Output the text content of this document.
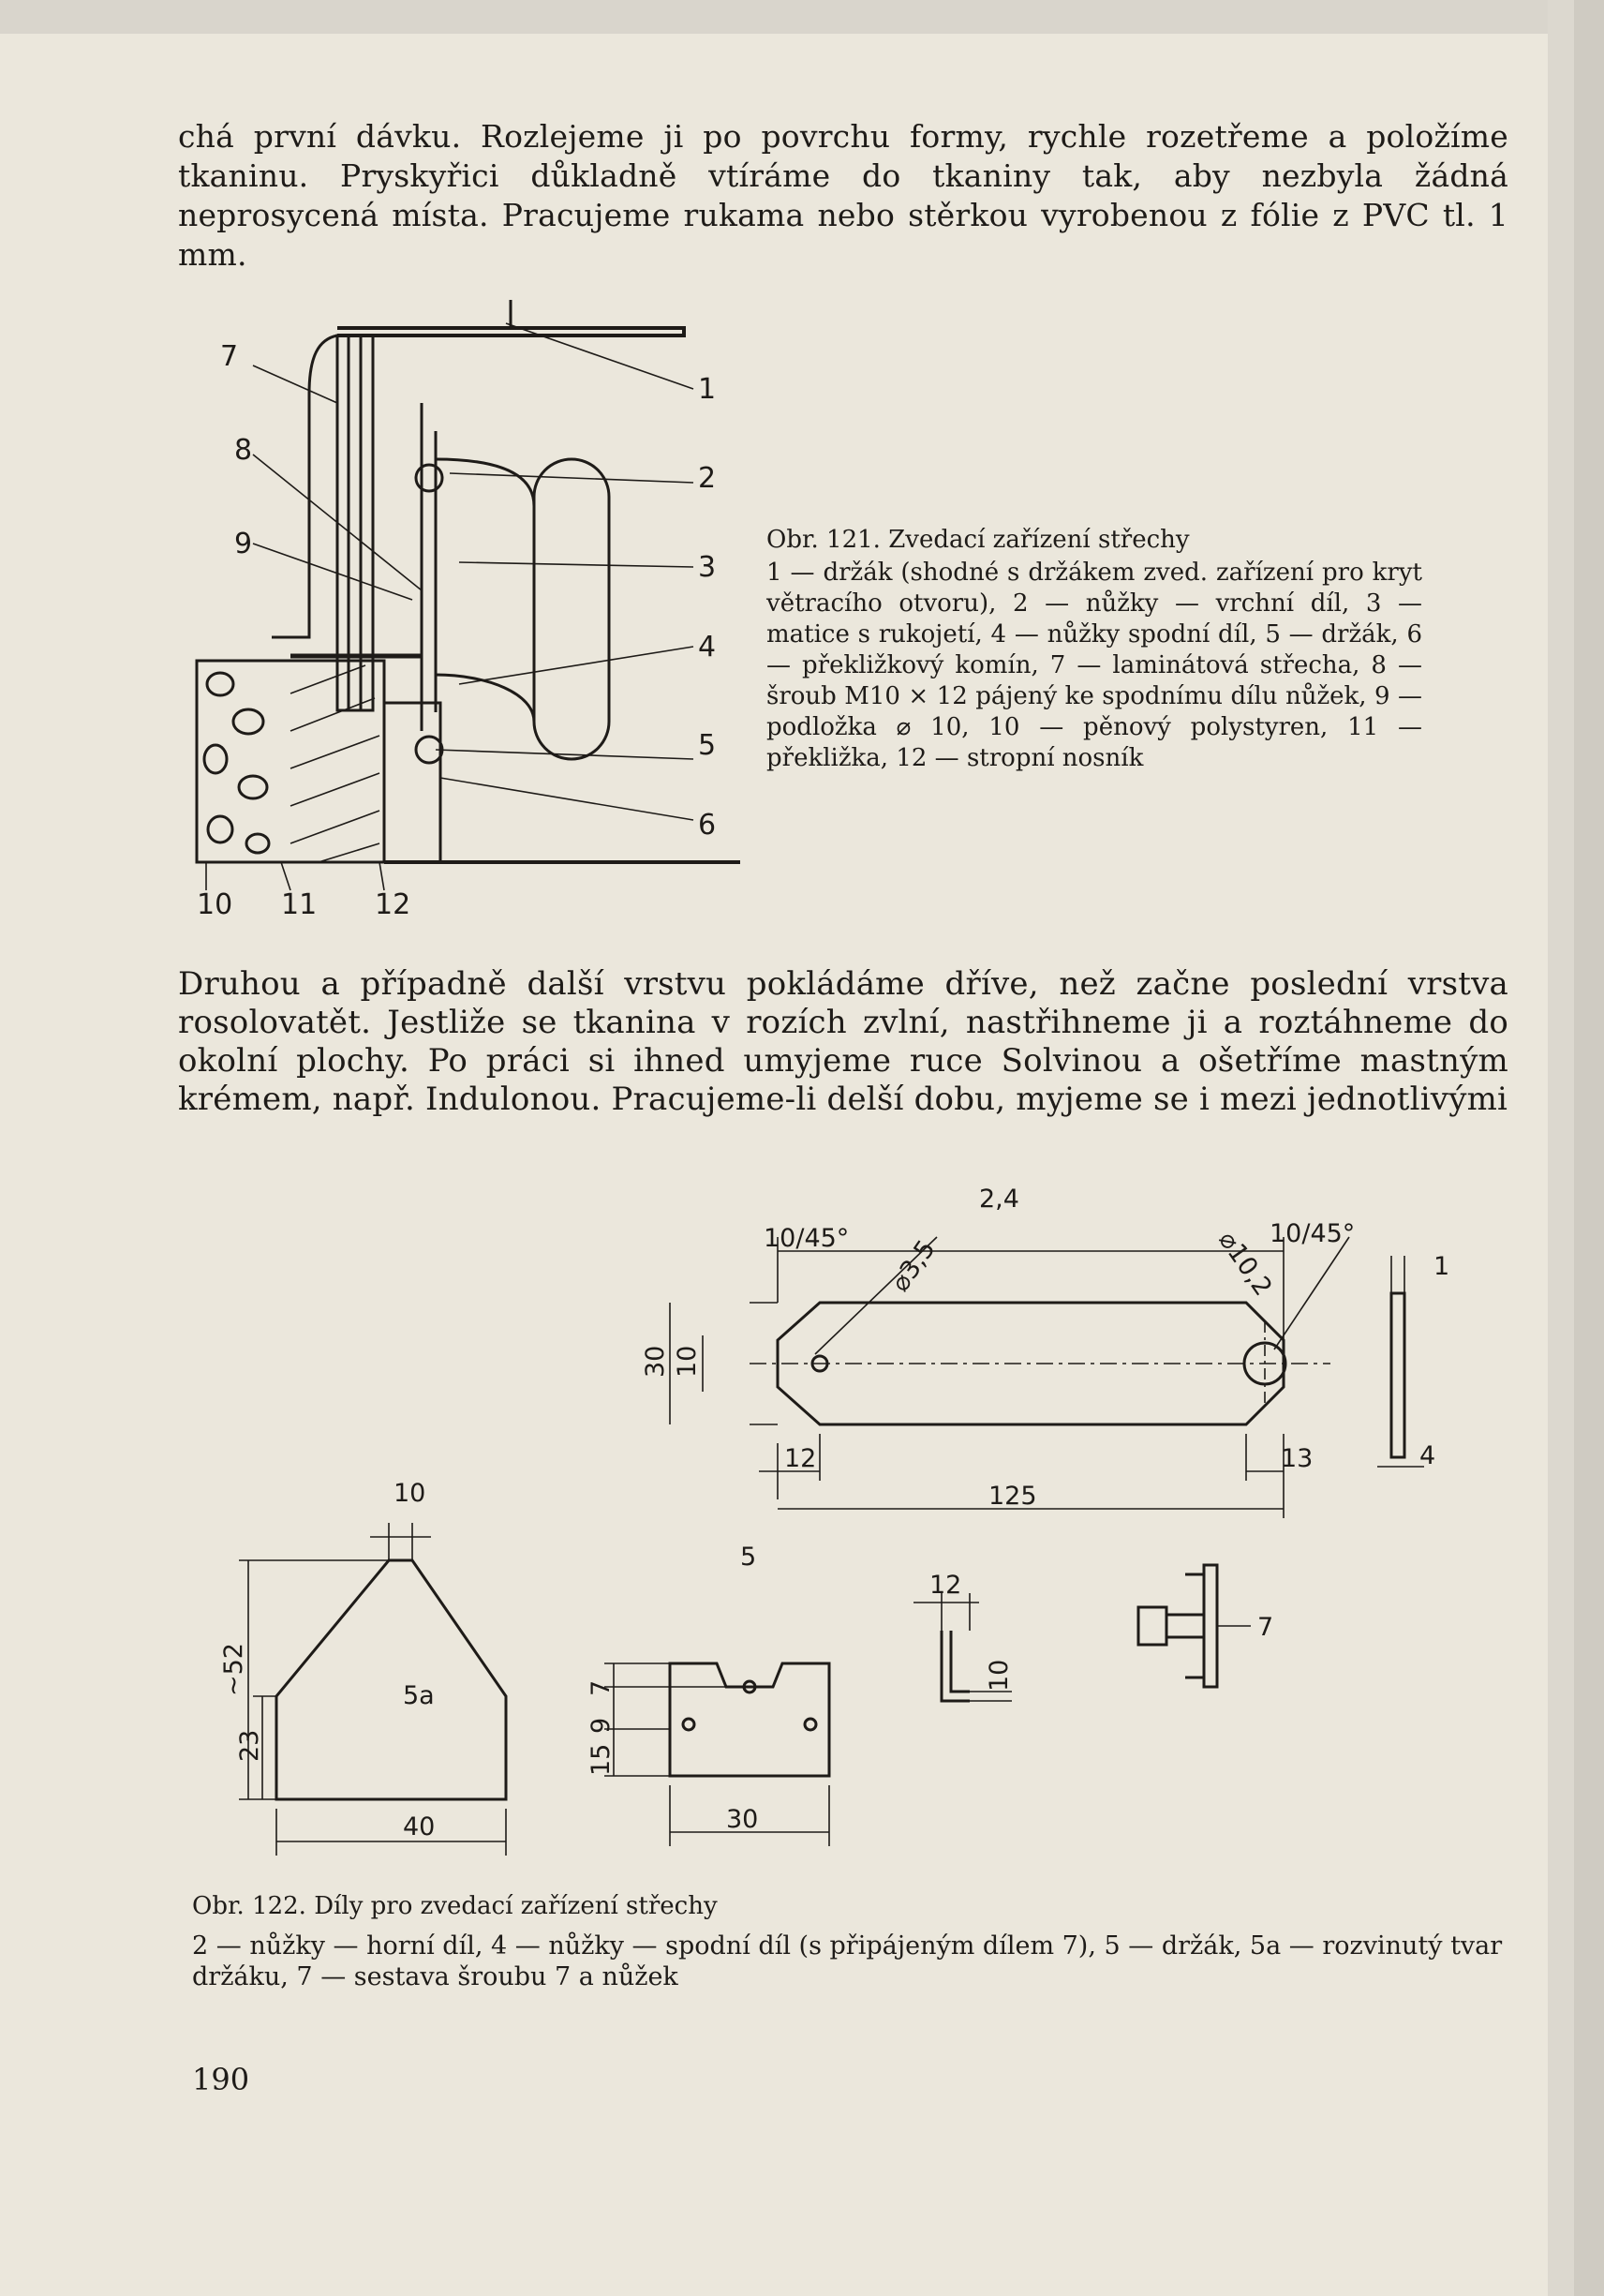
chá první dávku. Rozlejeme ji po povrchu formy, rychle rozetřeme a položíme tkaninu. Pryskyřici důkladně vtíráme do tkaniny tak, aby nezbyla žádná neprosycená místa. Pracujeme rukama nebo stěrkou vyrobenou z fólie z PVC tl. 1 mm.

7
1
8
2
9
3
4
5
6
10 11 12
Obr. 121. Zvedací zařízení střechy
1 — držák (shodné s držákem zved. zařízení pro kryt větracího otvoru), 2 — nůžky — vrchní díl, 3 — matice s rukojetí, 4 — nůžky spodní díl, 5 — držák, 6 — překližkový komín, 7 — laminátová střecha, 8 — šroub M10 × 12 pájený ke spodnímu dílu nůžek, 9 — podložka ⌀ 10, 10 — pěnový polystyren, 11 — překližka, 12 — stropní nosník

Druhou a případně další vrstvu pokládáme dříve, než začne poslední vrstva rosolovatět. Jestliže se tkanina v rozích zvlní, nastřihneme ji a roztáhneme do okolní plochy. Po práci si ihned umyjeme ruce Solvinou a ošetříme mastným krémem, např. Indulonou. Pracujeme-li delší dobu, myjeme se i mezi jednotlivými

2,4
10/45°	10/45°
⌀3,5	⌀10,2
30 10
12	13
125
1
4
10
~52
23
5a
40
5
7
9
15
30
12
10
7
Obr. 122. Díly pro zvedací zařízení střechy
2 — nůžky — horní díl, 4 — nůžky — spodní díl (s připájeným dílem 7), 5 — držák, 5a — rozvinutý tvar držáku, 7 — sestava šroubu 7 a nůžek
190
